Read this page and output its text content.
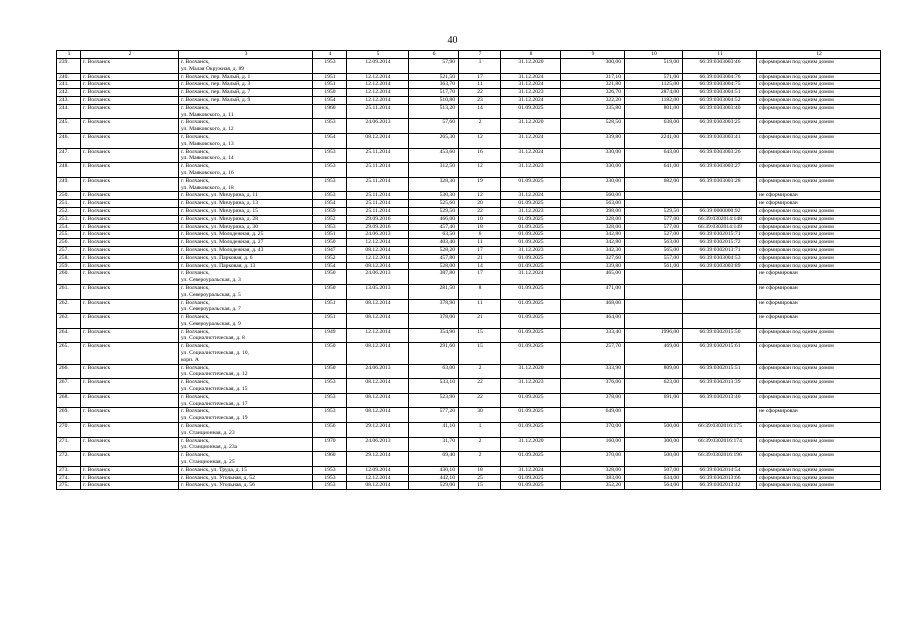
40
1	2	3	4	5	6	7	8	9	10	11	12
239.	г. Волчанск	г. Волчанск,
ул. Малая Окружная, д. 89	1953	12.09.2014	57,90	1	31.12.2020	300,00	519,00	66:39:0303003:46	сформирован под одним домом
240.	г. Волчанск	г. Волчанск, пер. Малый, д. 1	1951	12.12.2014	521,50	17	31.12.2024	317,10	571,00	66:39:0303004:76	сформирован под одним домом
241.	г. Волчанск	г. Волчанск, пер. Малый, д. 3	1951	12.12.2014	363,70	11	31.12.2024	321,80	1125,00	66:39:0303004:75	сформирован под одним домом
242.	г. Волчанск	г. Волчанск, пер. Малый, д. 7	1950	12.12.2014	517,70	22	31.12.2023	326,70	2874,00	66:39:0303004:51	сформирован под одним домом
243.	г. Волчанск	г. Волчанск, пер. Малый, д. 9	1954	12.12.2014	510,80	23	31.12.2024	322,20	1182,00	66:39:0303004:52	сформирован под одним домом
244.	г. Волчанск	г. Волчанск,
ул. Маяковского, д. 11	1960	25.11.2014	513,20	14	01.09.2025	335,80	801,00	66:39:0303003:40	сформирован под одним домом
245.	г. Волчанск	г. Волчанск,
ул. Маяковского, д. 12	1953	24.06.2013	57,60	2	31.12.2020	528,50	638,00	66:39:0303003:25	сформирован под одним домом
246.	г. Волчанск	г. Волчанск,
ул. Маяковского, д. 13	1954	08.12.2014	265,30	12	31.12.2024	339,80	2241,00	66:39:0303003:41	сформирован под одним домом
247.	г. Волчанск	г. Волчанск,
ул. Маяковского, д. 14	1953	25.11.2014	453,60	16	31.12.2024	330,00	643,00	66:39:0303003:26	сформирован под одним домом
248.	г. Волчанск	г. Волчанск,
ул. Маяковского, д. 16	1953	25.11.2014	312,50	12	31.12.2023	330,00	641,00	66:39:0303003:27	сформирован под одним домом
249.	г. Волчанск	г. Волчанск,
ул. Маяковского, д. 18	1953	25.11.2014	328,30	19	01.09.2025	330,00	682,00	66:39:0303003:28	сформирован под одним домом
250.	г. Волчанск	г. Волчанск, ул. Мичурина, д. 11	1953	25.11.2014	530,30	12	31.12.2024	560,00			не сформирован
251.	г. Волчанск	г. Волчанск, ул. Мичурина, д. 13	1954	25.11.2014	525,60	20	01.09.2025	563,00			не сформирован
252.	г. Волчанск	г. Волчанск, ул. Мичурина, д. 15	1959	25.11.2014	529,50	22	31.12.2023	398,00	529,50	66:39:0000000:92	сформирован под одним домом
253.	г. Волчанск	г. Волчанск, ул. Мичурина, д. 28	1952	29.09.2016	466,00	10	01.09.2025	328,00	577,00	66:39:0302014:148	сформирован под одним домом
254.	г. Волчанск	г. Волчанск, ул. Мичурина, д. 30	1953	29.09.2016	457,40	18	01.09.2025	328,00	577,00	66:39:0302014:149	сформирован под одним домом
255.	г. Волчанск	г. Волчанск, ул. Молодежная, д. 25	1951	24.06.2013	63,50	6	01.09.2025	342,80	527,00	66:39:0302015:71	сформирован под одним домом
256.	г. Волчанск	г. Волчанск, ул. Молодежная, д. 27	1950	12.12.2014	403,40	11	01.09.2025	342,80	563,00	66:39:0302015:72	сформирован под одним домом
257.	г. Волчанск	г. Волчанск, ул. Молодежная, д. 43	1947	08.12.2014	528,20	17	31.12.2023	342,30	565,00	66:39:0302013:71	сформирован под одним домом
258.	г. Волчанск	г. Волчанск, ул. Парковая, д. 6	1952	12.12.2014	457,80	21	01.09.2025	327,60	557,00	66:39:0303004:53	сформирован под одним домом
259.	г. Волчанск	г. Волчанск, ул. Парковая, д. 13	1954	08.12.2014	528,00	14	01.09.2025	339,80	561,00	66:39:0303003:89	сформирован под одним домом
260.	г. Волчанск	г. Волчанск,
ул. Североуральская, д. 3	1950	24.06.2013	387,80	17	31.12.2024	465,00			не сформирован
261.	г. Волчанск	г. Волчанск,
ул. Североуральская, д. 5	1950	13.05.2013	281,50	8	01.09.2025	471,00			не сформирован
262.	г. Волчанск	г. Волчанск,
ул. Североуральская, д. 7	1951	08.12.2014	378,90	11	01.09.2025	468,00			не сформирован
263.	г. Волчанск	г. Волчанск,
ул. Североуральская, д. 9	1951	08.12.2014	378,00	21	01.09.2025	464,00			не сформирован
264.	г. Волчанск	г. Волчанск,
ул. Социалистическая, д. 8	1949	12.12.2014	354,90	15	01.09.2025	333,40	1996,00	66:39:0302015:50	сформирован под одним домом
265.	г. Волчанск	г. Волчанск,
ул. Социалистическая, д. 10,
корп. А	1950	08.12.2014	291,60	15	01.09.2025	257,70	469,00	66:39:0302015:61	сформирован под одним домом
266.	г. Волчанск	г. Волчанск,
ул. Социалистическая, д. 12	1950	24.06.2013	63,00	2	31.12.2020	333,90	809,00	66:39:0302015:51	сформирован под одним домом
267.	г. Волчанск	г. Волчанск,
ул. Социалистическая, д. 15	1953	08.12.2014	533,10	22	31.12.2023	376,00	623,00	66:39:0302013:39	сформирован под одним домом
268.	г. Волчанск	г. Волчанск,
ул. Социалистическая, д. 17	1953	08.12.2014	523,90	22	01.09.2025	378,00	691,00	66:39:0302013:40	сформирован под одним домом
269.	г. Волчанск	г. Волчанск,
ул. Социалистическая, д. 19	1953	08.12.2014	577,20	30	01.09.2025	649,00			не сформирован
270.	г. Волчанск	г. Волчанск,
ул. Станционная, д. 23	1956	29.12.2014	41,10	1	01.09.2025	370,00	500,00	66:39:0302016:175	сформирован под одним домом
271.	г. Волчанск	г. Волчанск,
ул. Станционная, д. 23а	1970	24.06.2013	31,70	2	31.12.2020	160,00	300,00	66:39:0302016:174	сформирован под одним домом
272.	г. Волчанск	г. Волчанск,
ул. Станционная, д. 25	1960	29.12.2014	69,40	2	01.09.2025	370,00	500,00	66:39:0302016:196	сформирован под одним домом
273.	г. Волчанск	г. Волчанск, ул. Труда, д. 15	1953	12.09.2014	430,10	18	31.12.2024	328,00	507,00	66:39:0302014:54	сформирован под одним домом
274.	г. Волчанск	г. Волчанск, ул. Угольная, д. 52	1953	12.12.2014	442,10	25	01.09.2025	383,00	634,00	66:39:0302013:66	сформирован под одним домом
275.	г. Волчанск	г. Волчанск, ул. Угольная, д. 56	1953	08.12.2014	529,00	15	01.09.2025	352,20	564,00	66:39:0302013:42	сформирован под одним домом
